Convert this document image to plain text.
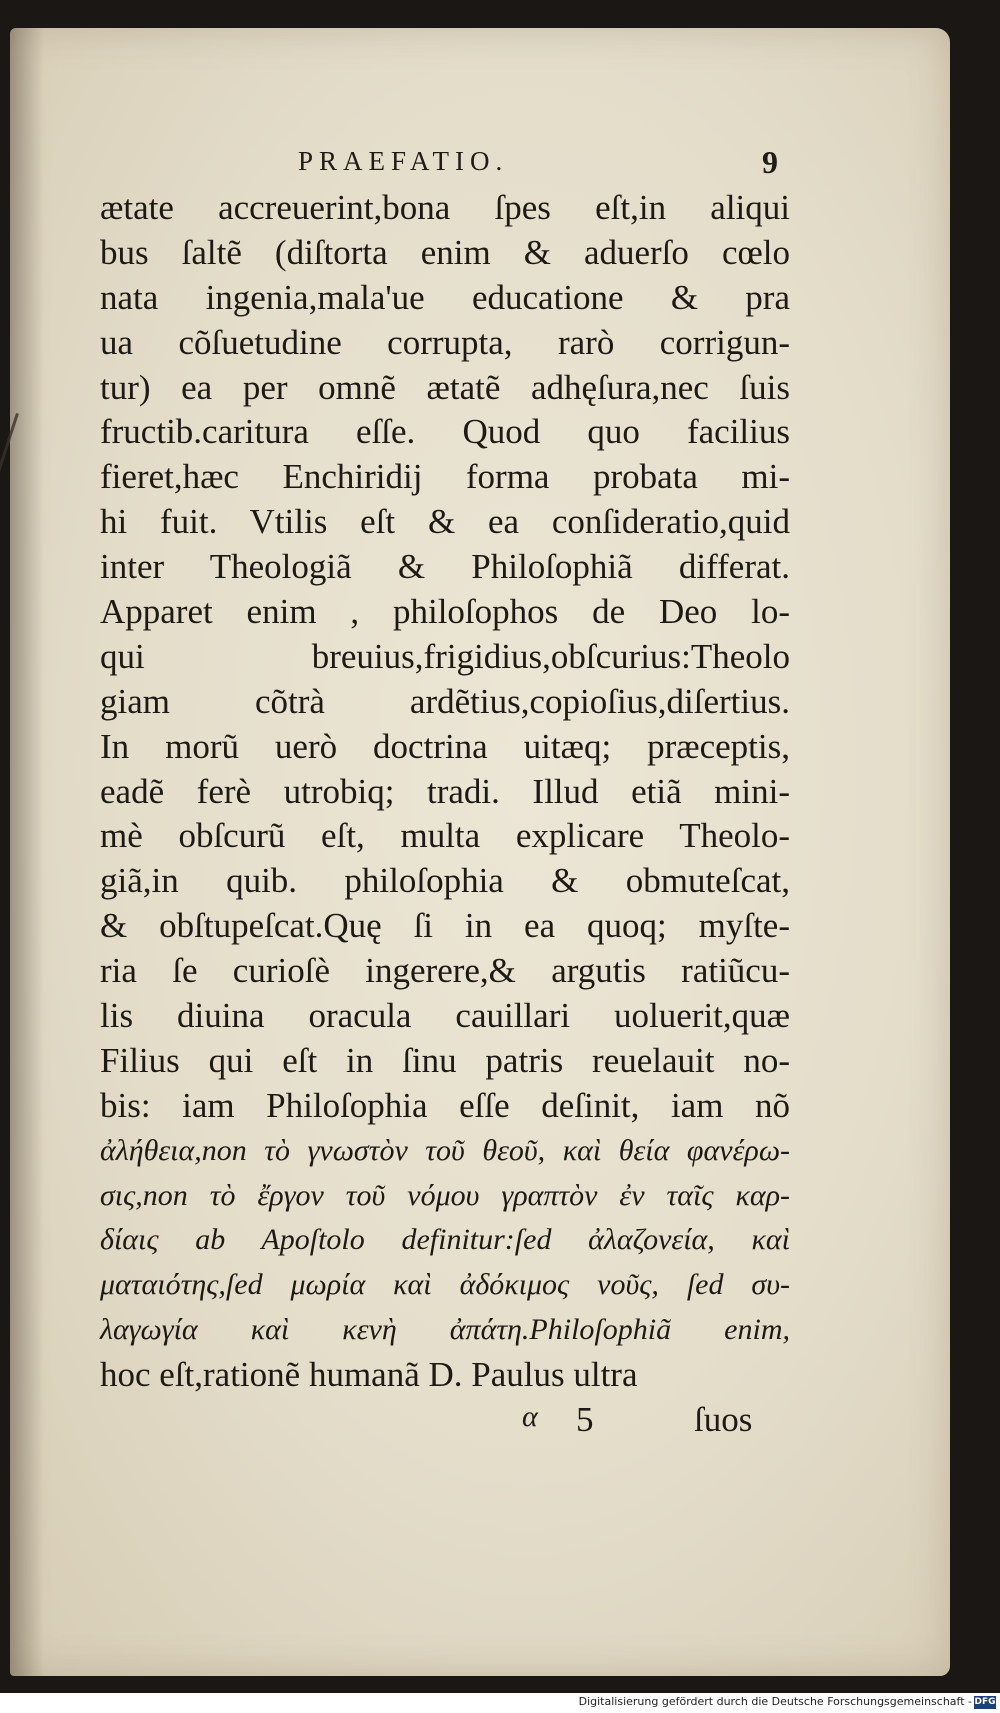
PRAEFATIO.	9
ætate accreuerint,bona ſpes eſt,in aliqui
bus ſaltẽ (diſtorta enim & aduerſo cœlo
nata ingenia,mala'ue educatione & pra
ua cõſuetudine corrupta, rarò corrigun-
tur) ea per omnẽ ætatẽ adhęſura,nec ſuis
fructib.caritura eſſe. Quod quo facilius
fieret,hæc Enchiridij forma probata mi-
hi fuit. Vtilis eſt & ea conſideratio,quid
inter Theologiã & Philoſophiã differat.
Apparet enim , philoſophos de Deo lo-
qui breuius,frigidius,obſcurius:Theolo
giam cõtrà ardẽtius,copioſius,diſertius.
In morũ uerò doctrina uitæq; præceptis,
eadẽ ferè utrobiq; tradi. Illud etiã mini-
mè obſcurũ eſt, multa explicare Theolo-
giã,in quib. philoſophia & obmuteſcat,
& obſtupeſcat.Quę ſi in ea quoq; myſte-
ria ſe curioſè ingerere,& argutis ratiũcu-
lis diuina oracula cauillari uoluerit,quæ
Filius qui eſt in ſinu patris reuelauit no-
bis: iam Philoſophia eſſe deſinit, iam nõ
ἀλήθεια,non τὸ γνωστὸν τοῦ θεοῦ, καὶ θεία φανέρω-
σις,non τὸ ἔργον τοῦ νόμου γραπτὸν ἐν ταῖς καρ-
δίαις ab Apoſtolo definitur:ſed ἀλαζονεία, καὶ
ματαιότης,ſed μωρία καὶ ἀδόκιμος νοῦς, ſed συ-
λαγωγία καὶ κενὴ ἀπάτη.Philoſophiã enim,
hoc eſt,rationẽ humanã D. Paulus ultra
α 5	ſuos
Digitalisierung gefördert durch die Deutsche Forschungsgemeinschaft - DFG
